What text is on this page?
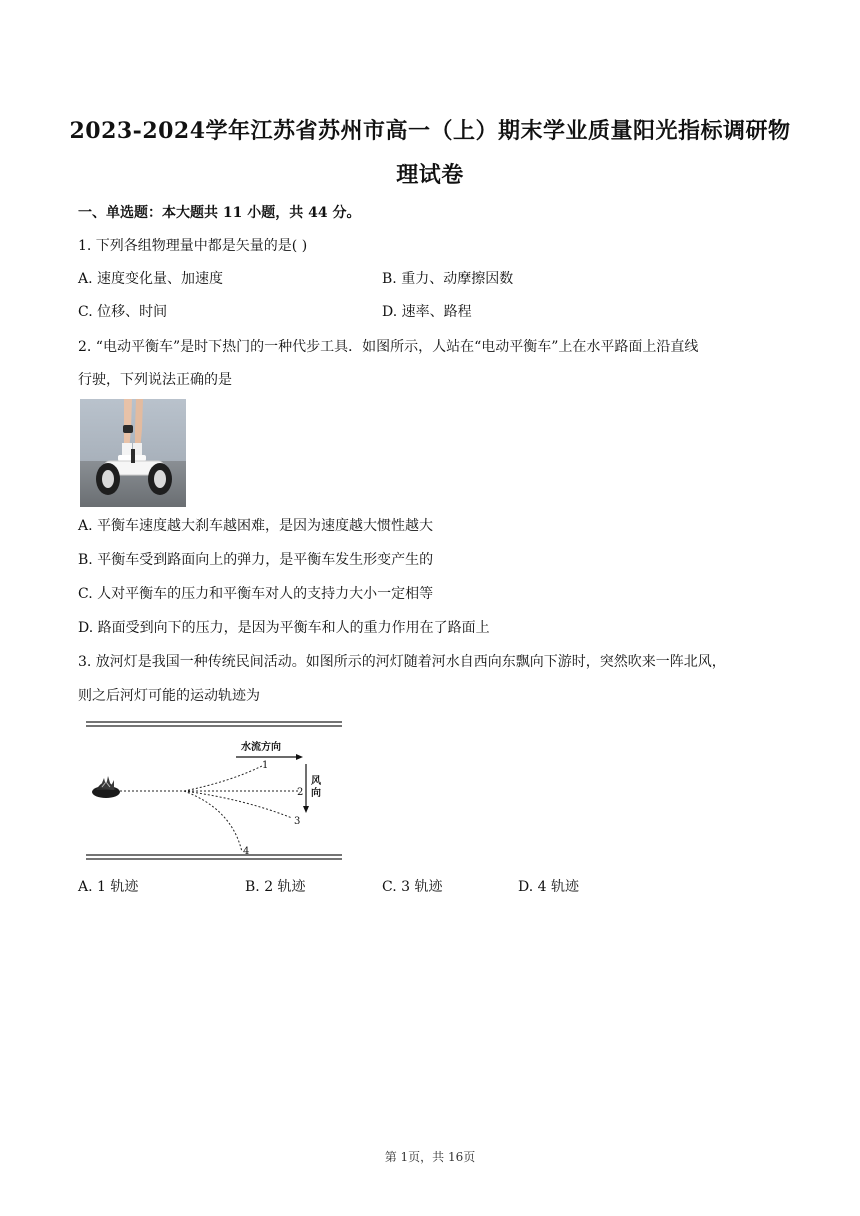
2023-2024学年江苏省苏州市高一（上）期末学业质量阳光指标调研物
理试卷
一、单选题：本大题共 11 小题，共 44 分。
1. 下列各组物理量中都是矢量的是( )
A. 速度变化量、加速度	B. 重力、动摩擦因数
C. 位移、时间	D. 速率、路程
2. “电动平衡车”是时下热门的一种代步工具．如图所示，人站在“电动平衡车”上在水平路面上沿直线
行驶，下列说法正确的是
A. 平衡车速度越大刹车越困难，是因为速度越大惯性越大
B. 平衡车受到路面向上的弹力，是平衡车发生形变产生的
C. 人对平衡车的压力和平衡车对人的支持力大小一定相等
D. 路面受到向下的压力，是因为平衡车和人的重力作用在了路面上
3. 放河灯是我国一种传统民间活动。如图所示的河灯随着河水自西向东飘向下游时，突然吹来一阵北风，
则之后河灯可能的运动轨迹为
水流方向
风
向
1
2
3
4
A. 1 轨迹	B. 2 轨迹	C. 3 轨迹	D. 4 轨迹
第 1页，共 16页
